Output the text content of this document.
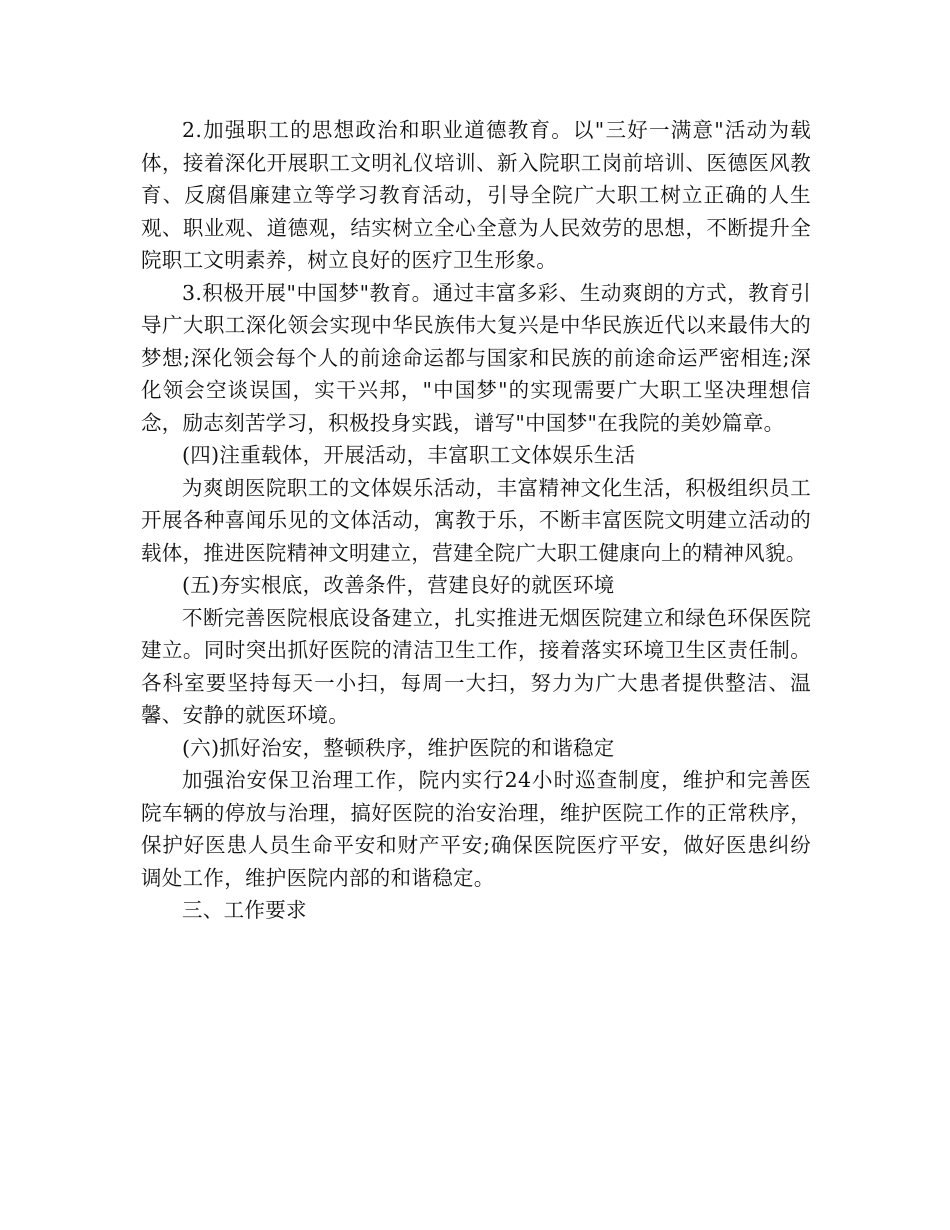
2.加强职工的思想政治和职业道德教育。以"三好一满意"活动为载体，接着深化开展职工文明礼仪培训、新入院职工岗前培训、医德医风教育、反腐倡廉建立等学习教育活动，引导全院广大职工树立正确的人生观、职业观、道德观，结实树立全心全意为人民效劳的思想，不断提升全院职工文明素养，树立良好的医疗卫生形象。

3.积极开展"中国梦"教育。通过丰富多彩、生动爽朗的方式，教育引导广大职工深化领会实现中华民族伟大复兴是中华民族近代以来最伟大的梦想;深化领会每个人的前途命运都与国家和民族的前途命运严密相连;深化领会空谈误国，实干兴邦，"中国梦"的实现需要广大职工坚决理想信念，励志刻苦学习，积极投身实践，谱写"中国梦"在我院的美妙篇章。

(四)注重载体，开展活动，丰富职工文体娱乐生活

为爽朗医院职工的文体娱乐活动，丰富精神文化生活，积极组织员工开展各种喜闻乐见的文体活动，寓教于乐，不断丰富医院文明建立活动的载体，推进医院精神文明建立，营建全院广大职工健康向上的精神风貌。

(五)夯实根底，改善条件，营建良好的就医环境

不断完善医院根底设备建立，扎实推进无烟医院建立和绿色环保医院建立。同时突出抓好医院的清洁卫生工作，接着落实环境卫生区责任制。各科室要坚持每天一小扫，每周一大扫，努力为广大患者提供整洁、温馨、安静的就医环境。

(六)抓好治安，整顿秩序，维护医院的和谐稳定

加强治安保卫治理工作，院内实行24小时巡查制度，维护和完善医院车辆的停放与治理，搞好医院的治安治理，维护医院工作的正常秩序，保护好医患人员生命平安和财产平安;确保医院医疗平安，做好医患纠纷调处工作，维护医院内部的和谐稳定。

三、工作要求
